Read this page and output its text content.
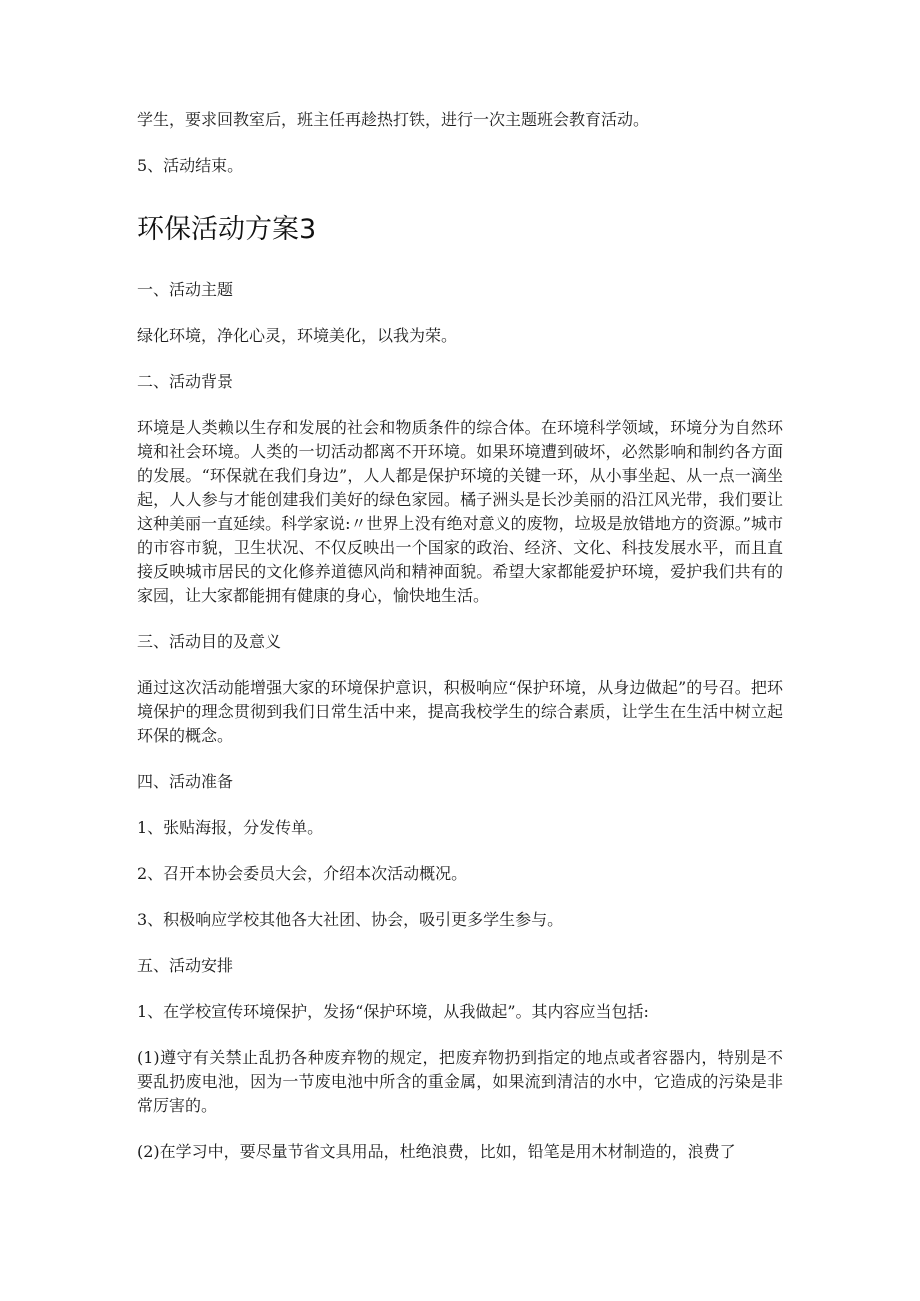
学生，要求回教室后，班主任再趁热打铁，进行一次主题班会教育活动。

5、活动结束。

环保活动方案3

一、活动主题

绿化环境，净化心灵，环境美化，以我为荣。

二、活动背景

环境是人类赖以生存和发展的社会和物质条件的综合体。在环境科学领域，环境分为自然环境和社会环境。人类的一切活动都离不开环境。如果环境遭到破坏，必然影响和制约各方面的发展。“环保就在我们身边”，人人都是保护环境的关键一环，从小事坐起、从一点一滴坐起，人人参与才能创建我们美好的绿色家园。橘子洲头是长沙美丽的沿江风光带，我们要让这种美丽一直延续。科学家说:〃世界上没有绝对意义的废物，垃圾是放错地方的资源。”城市的市容市貌，卫生状况、不仅反映出一个国家的政治、经济、文化、科技发展水平，而且直接反映城市居民的文化修养道德风尚和精神面貌。希望大家都能爱护环境，爱护我们共有的家园，让大家都能拥有健康的身心，愉快地生活。

三、活动目的及意义

通过这次活动能增强大家的环境保护意识，积极响应“保护环境，从身边做起”的号召。把环境保护的理念贯彻到我们日常生活中来，提高我校学生的综合素质，让学生在生活中树立起环保的概念。

四、活动准备

1、张贴海报，分发传单。

2、召开本协会委员大会，介绍本次活动概况。

3、积极响应学校其他各大社团、协会，吸引更多学生参与。

五、活动安排

1、在学校宣传环境保护，发扬“保护环境，从我做起”。其内容应当包括:

(1)遵守有关禁止乱扔各种废弃物的规定，把废弃物扔到指定的地点或者容器内，特别是不要乱扔废电池，因为一节废电池中所含的重金属，如果流到清洁的水中，它造成的污染是非常厉害的。

(2)在学习中，要尽量节省文具用品，杜绝浪费，比如，铅笔是用木材制造的，浪费了
